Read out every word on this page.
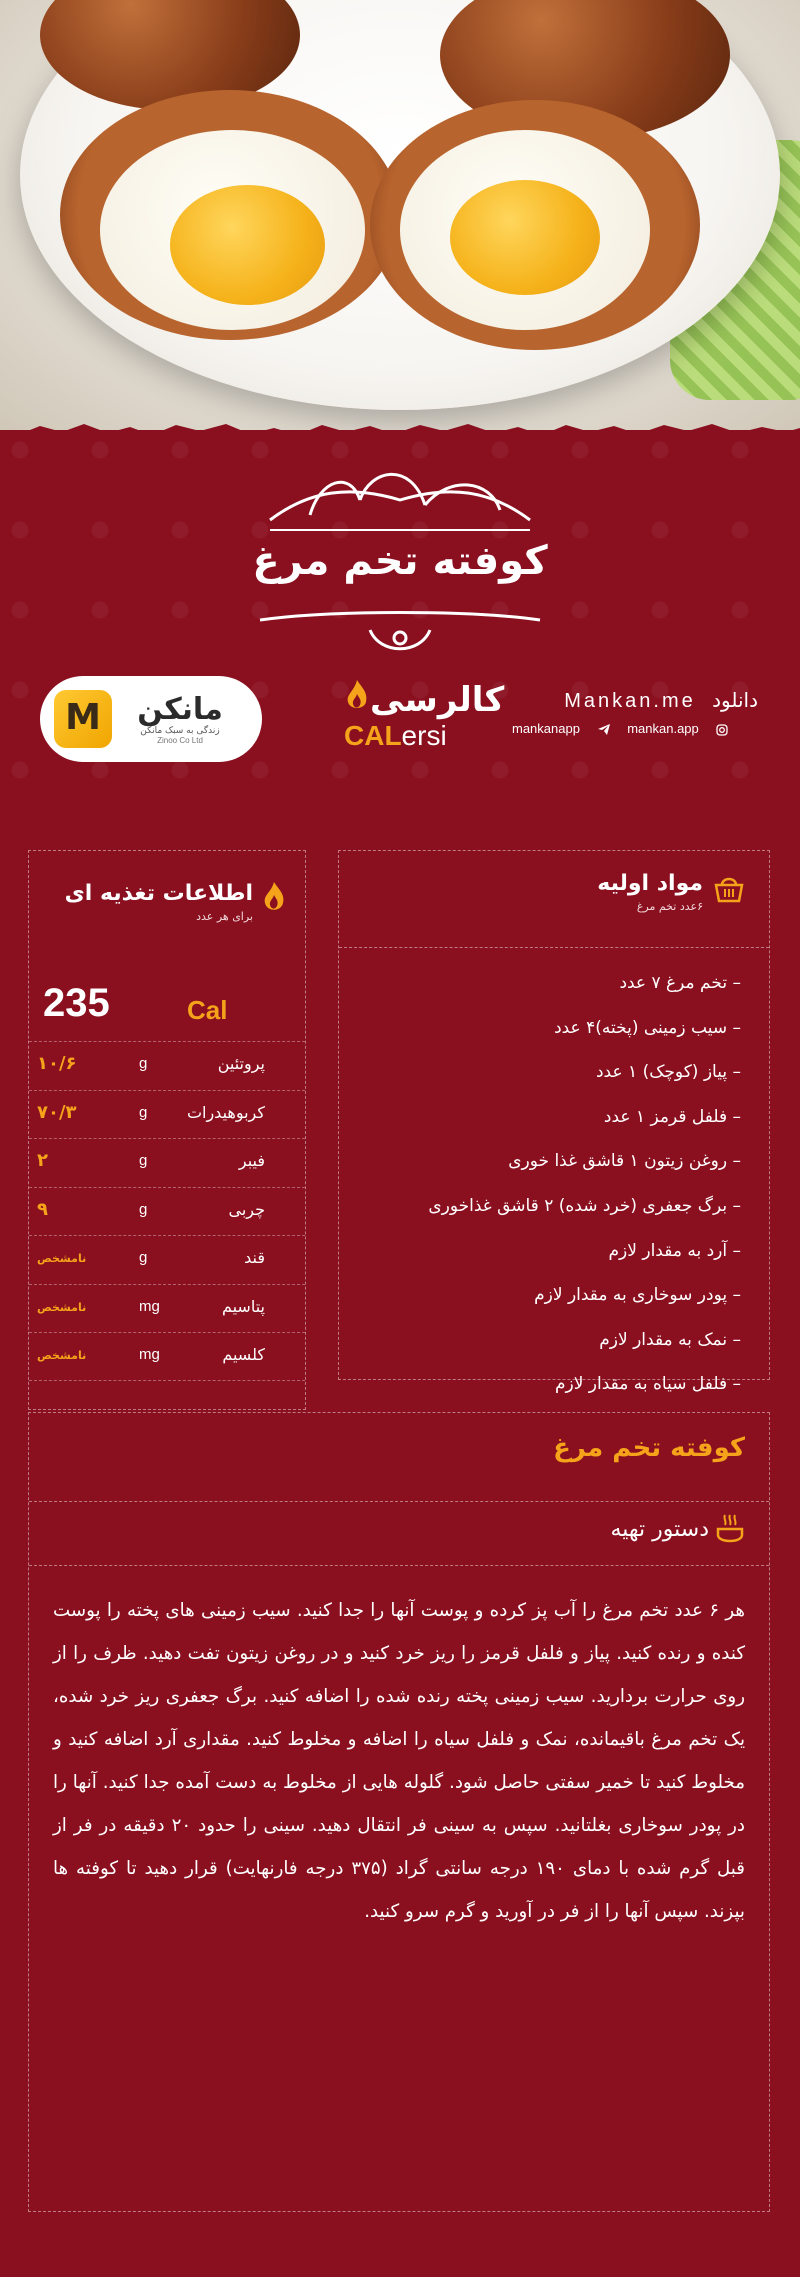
کوفته تخم مرغ
M
مانکن
زندگی به سبک مانکن
Zinoo Co Ltd
کالرسی
CALersi
دانلود Mankan.me
mankanapp	mankan.app
مواد اولیه
۶عدد تخم مرغ
– تخم مرغ ۷ عدد
– سیب زمینی (پخته)۴ عدد
– پیاز (کوچک) ۱ عدد
– فلفل قرمز ۱ عدد
– روغن زیتون ۱ قاشق غذا خوری
– برگ جعفری (خرد شده) ۲ قاشق غذاخوری
– آرد به مقدار لازم
– پودر سوخاری به مقدار لازم
– نمک به مقدار لازم
– فلفل سیاه به مقدار لازم
اطلاعات تغذیه ای
برای هر عدد
235	Cal
پروتئین
g
۱۰/۶
کربوهیدرات
g
۷۰/۳
فیبر
g
۲
چربی
g
۹
قند
g
نامشخص
پتاسیم
mg
نامشخص
کلسیم
mg
نامشخص
کوفته تخم مرغ
دستور تهیه
هر ۶ عدد تخم مرغ را آب پز کرده و پوست آنها را جدا کنید. سیب زمینی های پخته را پوست کنده و رنده کنید. پیاز و فلفل قرمز را ریز خرد کنید و در روغن زیتون تفت دهید. ظرف را از روی حرارت بردارید. سیب زمینی پخته رنده شده را اضافه کنید. برگ جعفری ریز خرد شده، یک تخم مرغ باقیمانده، نمک و فلفل سیاه را اضافه و مخلوط کنید. مقداری آرد اضافه کنید و مخلوط کنید تا خمیر سفتی حاصل شود. گلوله هایی از مخلوط به دست آمده جدا کنید. آنها را در پودر سوخاری بغلتانید. سپس به سینی فر انتقال دهید. سینی را حدود ۲۰ دقیقه در فر از قبل گرم شده با دمای ۱۹۰ درجه سانتی گراد (۳۷۵ درجه فارنهایت) قرار دهید تا کوفته ها بپزند. سپس آنها را از فر در آورید و گرم سرو کنید.
